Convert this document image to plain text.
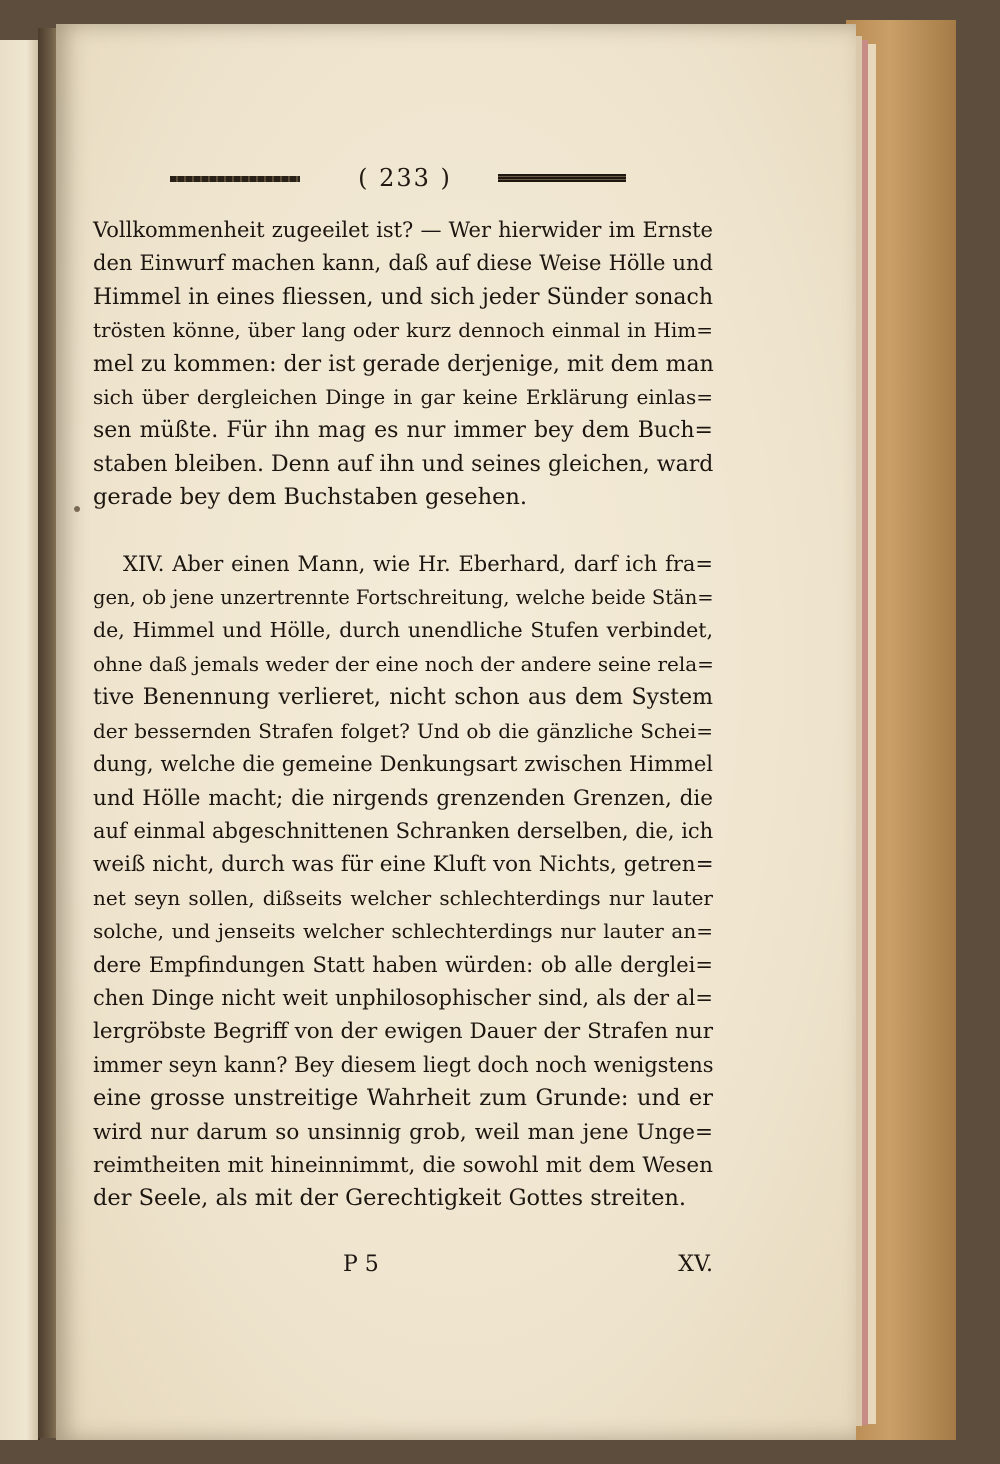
( 233 )
Vollkommenheit zugeeilet ist? — Wer hierwider im Ernste
den Einwurf machen kann, daß auf diese Weise Hölle und
Himmel in eines fliessen, und sich jeder Sünder sonach
trösten könne, über lang oder kurz dennoch einmal in Him=
mel zu kommen: der ist gerade derjenige, mit dem man
sich über dergleichen Dinge in gar keine Erklärung einlas=
sen müßte. Für ihn mag es nur immer bey dem Buch=
staben bleiben. Denn auf ihn und seines gleichen, ward
gerade bey dem Buchstaben gesehen.
XIV. Aber einen Mann, wie Hr. Eberhard, darf ich fra=
gen, ob jene unzertrennte Fortschreitung, welche beide Stän=
de, Himmel und Hölle, durch unendliche Stufen verbindet,
ohne daß jemals weder der eine noch der andere seine rela=
tive Benennung verlieret, nicht schon aus dem System
der bessernden Strafen folget? Und ob die gänzliche Schei=
dung, welche die gemeine Denkungsart zwischen Himmel
und Hölle macht; die nirgends grenzenden Grenzen, die
auf einmal abgeschnittenen Schranken derselben, die, ich
weiß nicht, durch was für eine Kluft von Nichts, getren=
net seyn sollen, dißseits welcher schlechterdings nur lauter
solche, und jenseits welcher schlechterdings nur lauter an=
dere Empfindungen Statt haben würden: ob alle derglei=
chen Dinge nicht weit unphilosophischer sind, als der al=
lergröbste Begriff von der ewigen Dauer der Strafen nur
immer seyn kann? Bey diesem liegt doch noch wenigstens
eine grosse unstreitige Wahrheit zum Grunde: und er
wird nur darum so unsinnig grob, weil man jene Unge=
reimtheiten mit hineinnimmt, die sowohl mit dem Wesen
der Seele, als mit der Gerechtigkeit Gottes streiten.
P 5	XV.
